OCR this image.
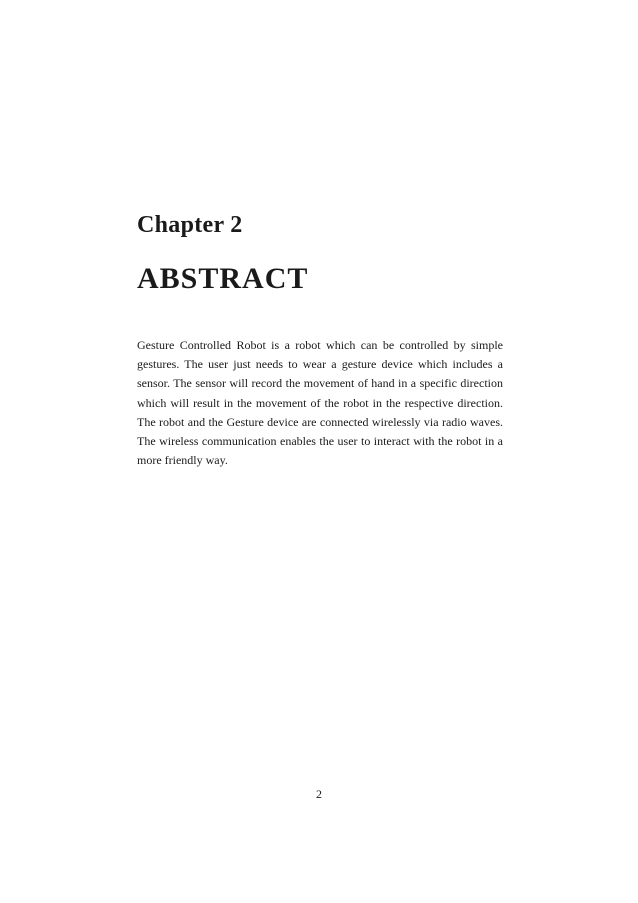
Chapter 2
ABSTRACT

Gesture Controlled Robot is a robot which can be controlled by simple gestures. The user just needs to wear a gesture device which includes a sensor. The sensor will record the movement of hand in a specific direction which will result in the movement of the robot in the respective direction. The robot and the Gesture device are connected wirelessly via radio waves. The wireless communication enables the user to interact with the robot in a more friendly way.

2
